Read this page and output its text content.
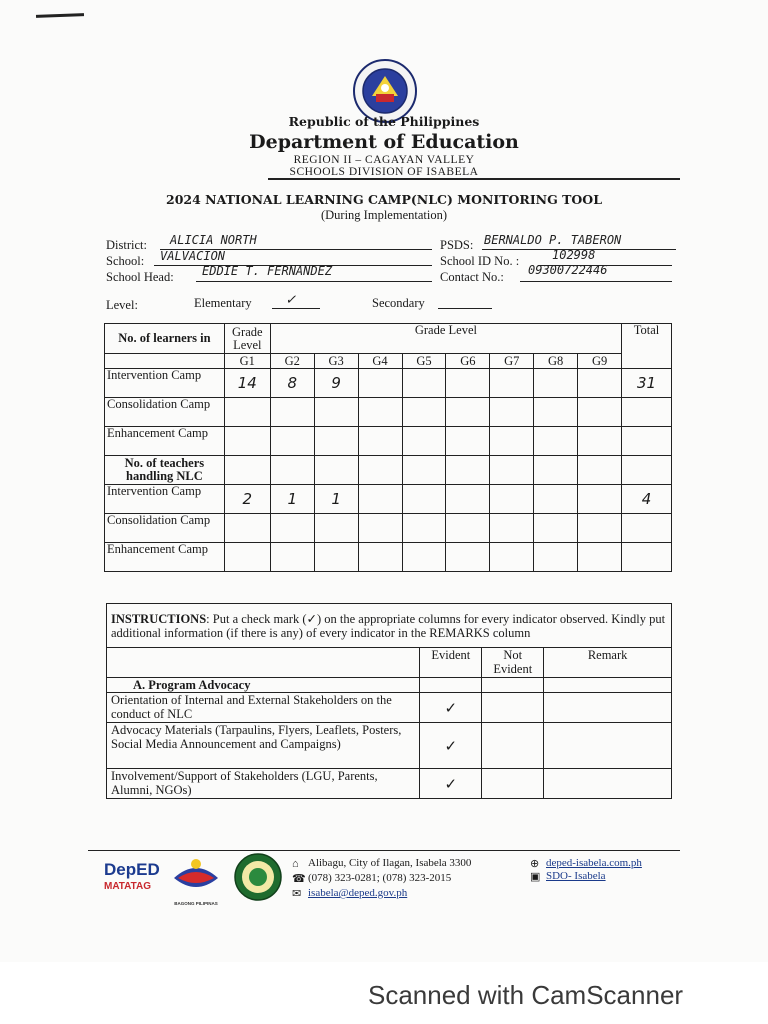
Republic of the Philippines
Department of Education
REGION II – CAGAYAN VALLEY
SCHOOLS DIVISION OF ISABELA
2024 NATIONAL LEARNING CAMP(NLC) MONITORING TOOL
(During Implementation)
District: ALICIA NORTH	PSDS: BERNALDO P. TABERON
School: VALVACION	School ID No. :	102998
School Head: EDDIE T. FERNANDEZ	Contact No.: 09300722446
Level:	Elementary ✓	Secondary
No. of learners in	Grade Level	Grade Level								Total
	G1	G2	G3	G4	G5	G6	G7	G8	G9	
Intervention Camp	14	8	9							31
Consolidation Camp										
Enhancement Camp										
No. of teachers handling NLC										
Intervention Camp	2	1	1							4
Consolidation Camp										
Enhancement Camp										
INSTRUCTIONS: Put a check mark (✓) on the appropriate columns for every indicator observed. Kindly put additional information (if there is any) of every indicator in the REMARKS column			
	Evident	Not Evident	Remark
A. Program Advocacy			
Orientation of Internal and External Stakeholders on the conduct of NLC	✓		
Advocacy Materials (Tarpaulins, Flyers, Leaflets, Posters, Social Media Announcement and Campaigns)	✓		
Involvement/Support of Stakeholders (LGU, Parents, Alumni, NGOs)	✓		
DepED
MATATAG
BAGONG PILIPINAS
⌂ Alibagu, City of Ilagan, Isabela 3300
☎ (078) 323-0281; (078) 323-2015
✉ isabela@deped.gov.ph
⊕ deped-isabela.com.ph
▣ SDO- Isabela
Scanned with CamScanner
